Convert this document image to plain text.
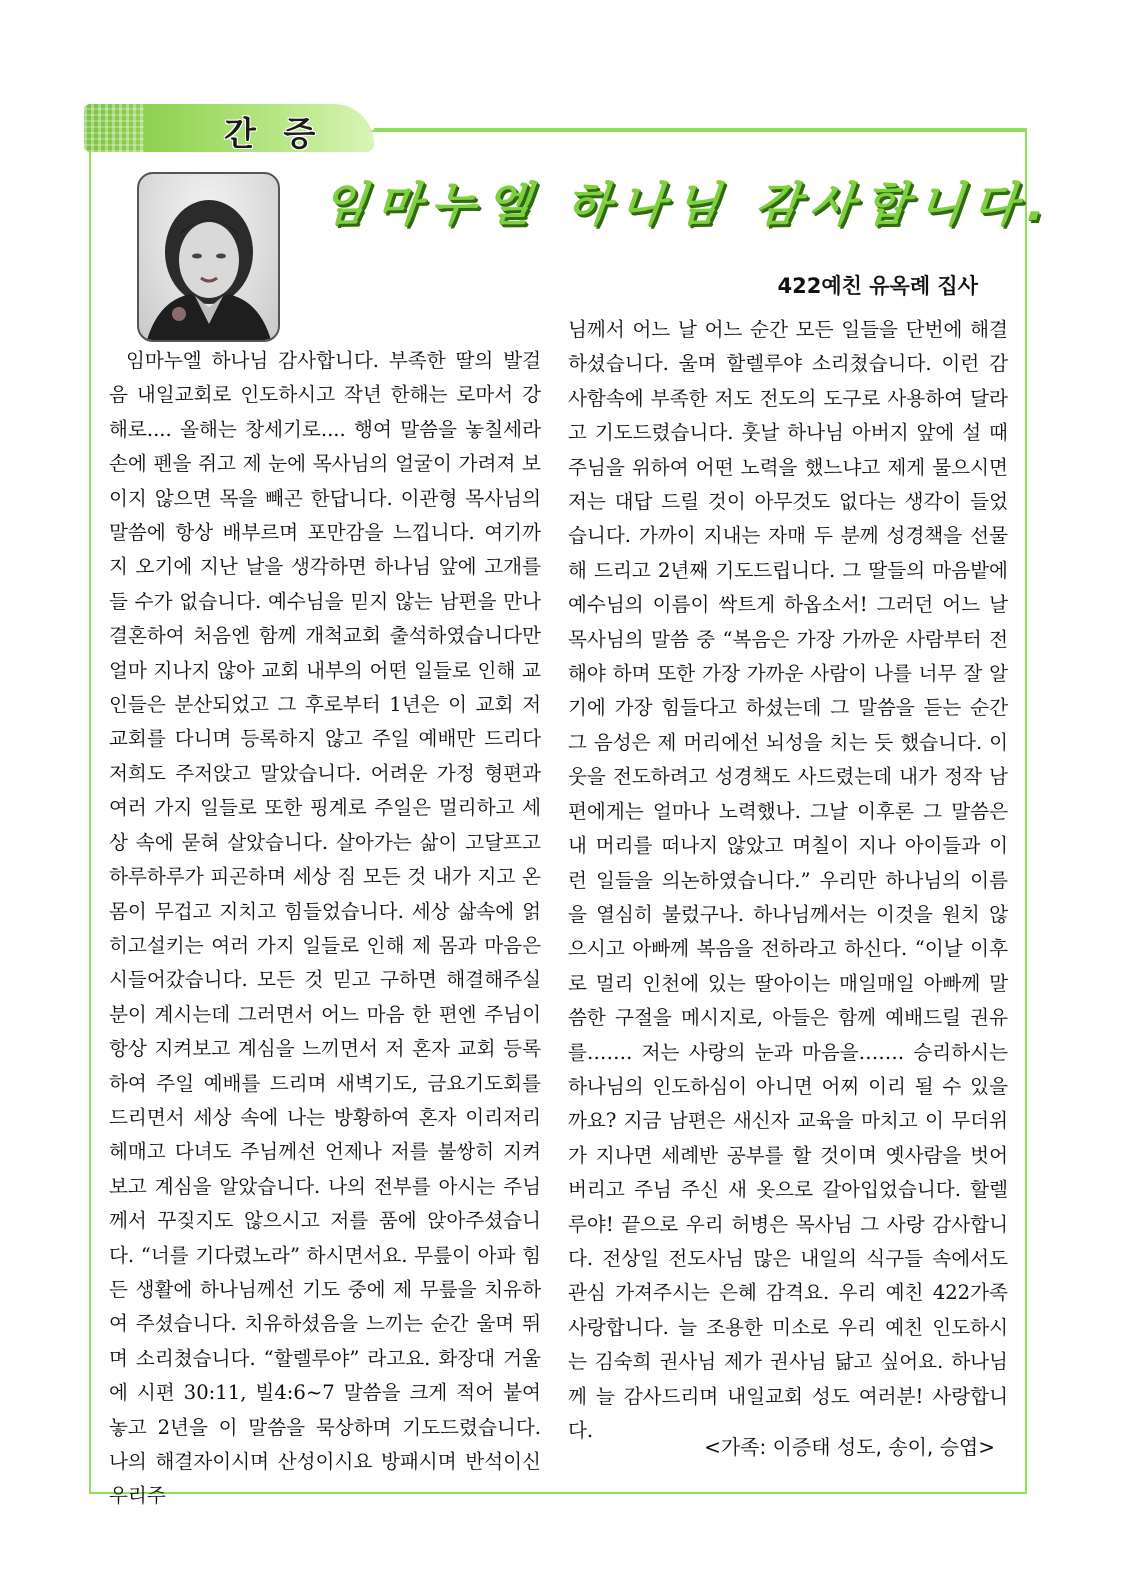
간 증
임마누엘 하나님 감사합니다.
422예친 유옥례 집사

임마누엘 하나님 감사합니다. 부족한 딸의 발걸음 내일교회로 인도하시고 작년 한해는 로마서 강해로.... 올해는 창세기로.... 행여 말씀을 놓칠세라 손에 펜을 쥐고 제 눈에 목사님의 얼굴이 가려져 보이지 않으면 목을 빼곤 한답니다. 이관형 목사님의 말씀에 항상 배부르며 포만감을 느낍니다. 여기까지 오기에 지난 날을 생각하면 하나님 앞에 고개를 들 수가 없습니다. 예수님을 믿지 않는 남편을 만나 결혼하여 처음엔 함께 개척교회 출석하였습니다만 얼마 지나지 않아 교회 내부의 어떤 일들로 인해 교인들은 분산되었고 그 후로부터 1년은 이 교회 저 교회를 다니며 등록하지 않고 주일 예배만 드리다 저희도 주저앉고 말았습니다. 어려운 가정 형편과 여러 가지 일들로 또한 핑계로 주일은 멀리하고 세상 속에 묻혀 살았습니다. 살아가는 삶이 고달프고 하루하루가 피곤하며 세상 짐 모든 것 내가 지고 온 몸이 무겁고 지치고 힘들었습니다. 세상 삶속에 얽히고설키는 여러 가지 일들로 인해 제 몸과 마음은 시들어갔습니다. 모든 것 믿고 구하면 해결해주실 분이 계시는데 그러면서 어느 마음 한 편엔 주님이 항상 지켜보고 계심을 느끼면서 저 혼자 교회 등록하여 주일 예배를 드리며 새벽기도, 금요기도회를 드리면서 세상 속에 나는 방황하여 혼자 이리저리 헤매고 다녀도 주님께선 언제나 저를 불쌍히 지켜보고 계심을 알았습니다. 나의 전부를 아시는 주님께서 꾸짖지도 않으시고 저를 품에 앉아주셨습니다. “너를 기다렸노라” 하시면서요. 무릎이 아파 힘든 생활에 하나님께선 기도 중에 제 무릎을 치유하여 주셨습니다. 치유하셨음을 느끼는 순간 울며 뛰며 소리쳤습니다. “할렐루야” 라고요. 화장대 거울에 시편 30:11, 빌4:6~7 말씀을 크게 적어 붙여 놓고 2년을 이 말씀을 묵상하며 기도드렸습니다. 나의 해결자이시며 산성이시요 방패시며 반석이신 우리주

님께서 어느 날 어느 순간 모든 일들을 단번에 해결 하셨습니다. 울며 할렐루야 소리쳤습니다. 이런 감사함속에 부족한 저도 전도의 도구로 사용하여 달라고 기도드렸습니다. 훗날 하나님 아버지 앞에 설 때 주님을 위하여 어떤 노력을 했느냐고 제게 물으시면 저는 대답 드릴 것이 아무것도 없다는 생각이 들었습니다. 가까이 지내는 자매 두 분께 성경책을 선물해 드리고 2년째 기도드립니다. 그 딸들의 마음밭에 예수님의 이름이 싹트게 하옵소서! 그러던 어느 날 목사님의 말씀 중 “복음은 가장 가까운 사람부터 전해야 하며 또한 가장 가까운 사람이 나를 너무 잘 알기에 가장 힘들다고 하셨는데 그 말씀을 듣는 순간 그 음성은 제 머리에선 뇌성을 치는 듯 했습니다. 이웃을 전도하려고 성경책도 사드렸는데 내가 정작 남편에게는 얼마나 노력했나. 그날 이후론 그 말씀은 내 머리를 떠나지 않았고 며칠이 지나 아이들과 이런 일들을 의논하였습니다.” 우리만 하나님의 이름을 열심히 불렀구나. 하나님께서는 이것을 원치 않으시고 아빠께 복음을 전하라고 하신다. “이날 이후로 멀리 인천에 있는 딸아이는 매일매일 아빠께 말씀한 구절을 메시지로, 아들은 함께 예배드릴 권유를……. 저는 사랑의 눈과 마음을……. 승리하시는 하나님의 인도하심이 아니면 어찌 이리 될 수 있을까요? 지금 남편은 새신자 교육을 마치고 이 무더위가 지나면 세례반 공부를 할 것이며 옛사람을 벗어버리고 주님 주신 새 옷으로 갈아입었습니다. 할렐루야! 끝으로 우리 허병은 목사님 그 사랑 감사합니다. 전상일 전도사님 많은 내일의 식구들 속에서도 관심 가져주시는 은혜 감격요. 우리 예친 422가족 사랑합니다. 늘 조용한 미소로 우리 예친 인도하시는 김숙희 권사님 제가 권사님 닮고 싶어요. 하나님께 늘 감사드리며 내일교회 성도 여러분! 사랑합니다.

<가족: 이증태 성도, 송이, 승엽>
